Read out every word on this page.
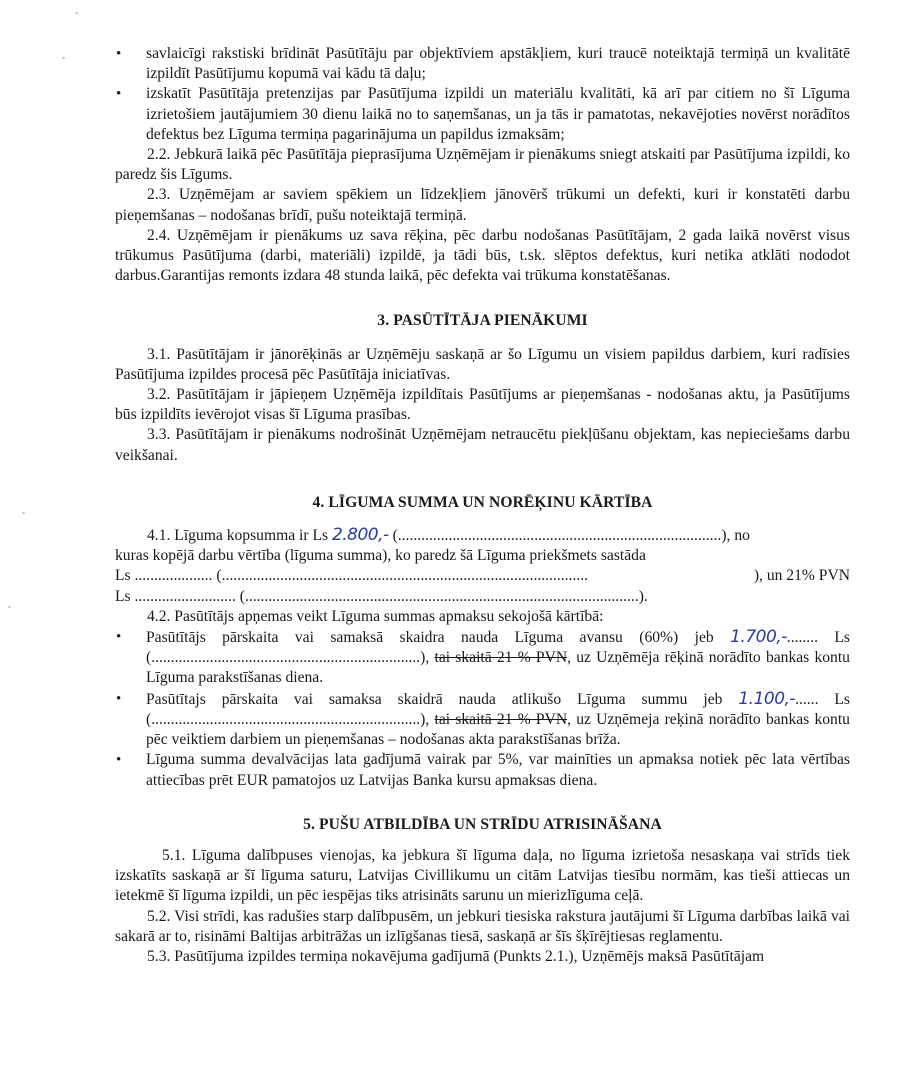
• savlaicīgi rakstiski brīdināt Pasūtītāju par objektīviem apstākļiem, kuri traucē noteiktajā termiņā un kvalitātē izpildīt Pasūtījumu kopumā vai kādu tā daļu;

• izskatīt Pasūtītāja pretenzijas par Pasūtījuma izpildi un materiālu kvalitāti, kā arī par citiem no šī Līguma izrietošiem jautājumiem 30 dienu laikā no to saņemšanas, un ja tās ir pamatotas, nekavējoties novērst norādītos defektus bez Līguma termiņa pagarinājuma un papildus izmaksām;

2.2. Jebkurā laikā pēc Pasūtītāja pieprasījuma Uzņēmējam ir pienākums sniegt atskaiti par Pasūtījuma izpildi, ko paredz šis Līgums.

2.3. Uzņēmējam ar saviem spēkiem un līdzekļiem jānovērš trūkumi un defekti, kuri ir konstatēti darbu pieņemšanas – nodošanas brīdī, pušu noteiktajā termiņā.

2.4. Uzņēmējam ir pienākums uz sava rēķina, pēc darbu nodošanas Pasūtītājam, 2 gada laikā novērst visus trūkumus Pasūtījuma (darbi, materiāli) izpildē, ja tādi būs, t.sk. slēptos defektus, kuri netika atklāti nododot darbus.Garantijas remonts izdara 48 stunda laikā, pēc defekta vai trūkuma konstatēšanas.

3. PASŪTĪTĀJA PIENĀKUMI

3.1. Pasūtītājam ir jānorēķinās ar Uzņēmēju saskaņā ar šo Līgumu un visiem papildus darbiem, kuri radīsies Pasūtījuma izpildes procesā pēc Pasūtītāja iniciatīvas.

3.2. Pasūtītājam ir jāpieņem Uzņēmēja izpildītais Pasūtījums ar pieņemšanas - nodošanas aktu, ja Pasūtījums būs izpildīts ievērojot visas šī Līguma prasības.

3.3. Pasūtītājam ir pienākums nodrošināt Uzņēmējam netraucētu piekļūšanu objektam, kas nepieciešams darbu veikšanai.

4. LĪGUMA SUMMA UN NORĒĶINU KĀRTĪBA

4.1. Līguma kopsumma ir Ls 2.800,- (...................................................................................), no

kuras kopējā darbu vērtība (līguma summa), ko paredz šā Līguma priekšmets sastāda

Ls .................... (..............................................................................................	), un 21% PVN
Ls .......................... (.....................................................................................................).

4.2. Pasūtītājs apņemas veikt Līguma summas apmaksu sekojošā kārtībā:

• Pasūtītājs pārskaita vai samaksā skaidra nauda Līguma avansu (60%) jeb 1.700,-........ Ls (.....................................................................), tai skaitā 21 % PVN, uz Uzņēmēja rēķinā norādīto bankas kontu Līguma parakstīšanas diena.

• Pasūtītajs pārskaita vai samaksa skaidrā nauda atlikušo Līguma summu jeb 1.100,-...... Ls (.....................................................................), tai skaitā 21 % PVN, uz Uzņēmeja reķinā norādīto bankas kontu pēc veiktiem darbiem un pieņemšanas – nodošanas akta parakstīšanas brīža.

• Līguma summa devalvācijas lata gadījumā vairak par 5%, var mainīties un apmaksa notiek pēc lata vērtības attiecības prēt EUR pamatojos uz Latvijas Banka kursu apmaksas diena.

5. PUŠU ATBILDĪBA UN STRĪDU ATRISINĀŠANA

5.1. Līguma dalībpuses vienojas, ka jebkura šī līguma daļa, no līguma izrietoša nesaskaņa vai strīds tiek izskatīts saskaņā ar šī līguma saturu, Latvijas Civillikumu un citām Latvijas tiesību normām, kas tieši attiecas un ietekmē šī līguma izpildi, un pēc iespējas tiks atrisināts sarunu un mierizlīguma ceļā.

5.2. Visi strīdi, kas radušies starp dalībpusēm, un jebkuri tiesiska rakstura jautājumi šī Līguma darbības laikā vai sakarā ar to, risināmi Baltijas arbitrāžas un izlīgšanas tiesā, saskaņā ar šīs šķīrējtiesas reglamentu.

5.3. Pasūtījuma izpildes termiņa nokavējuma gadījumā (Punkts 2.1.), Uzņēmējs maksā Pasūtītājam
